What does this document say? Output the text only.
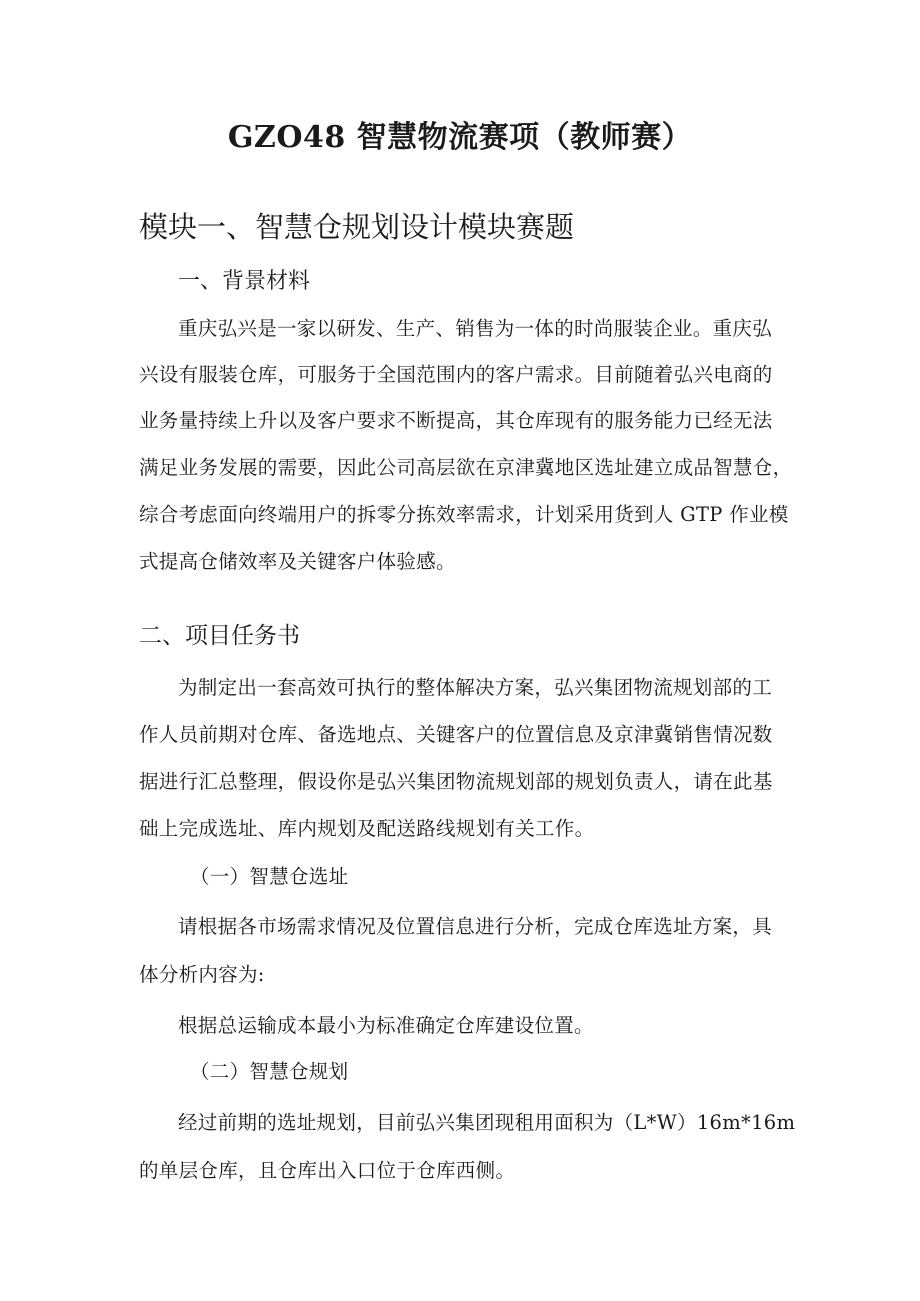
GZO48 智慧物流赛项（教师赛）
模块一、智慧仓规划设计模块赛题
一、背景材料
重庆弘兴是一家以研发、生产、销售为一体的时尚服装企业。重庆弘
兴设有服装仓库，可服务于全国范围内的客户需求。目前随着弘兴电商的
业务量持续上升以及客户要求不断提高，其仓库现有的服务能力已经无法
满足业务发展的需要，因此公司高层欲在京津冀地区选址建立成品智慧仓，
综合考虑面向终端用户的拆零分拣效率需求，计划采用货到人 GTP 作业模
式提高仓储效率及关键客户体验感。
二、项目任务书
为制定出一套高效可执行的整体解决方案，弘兴集团物流规划部的工
作人员前期对仓库、备选地点、关键客户的位置信息及京津冀销售情况数
据进行汇总整理，假设你是弘兴集团物流规划部的规划负责人，请在此基
础上完成选址、库内规划及配送路线规划有关工作。
（一）智慧仓选址
请根据各市场需求情况及位置信息进行分析，完成仓库选址方案，具
体分析内容为:
根据总运输成本最小为标准确定仓库建设位置。
（二）智慧仓规划
经过前期的选址规划，目前弘兴集团现租用面积为（L*W）16m*16m
的单层仓库，且仓库出入口位于仓库西侧。
